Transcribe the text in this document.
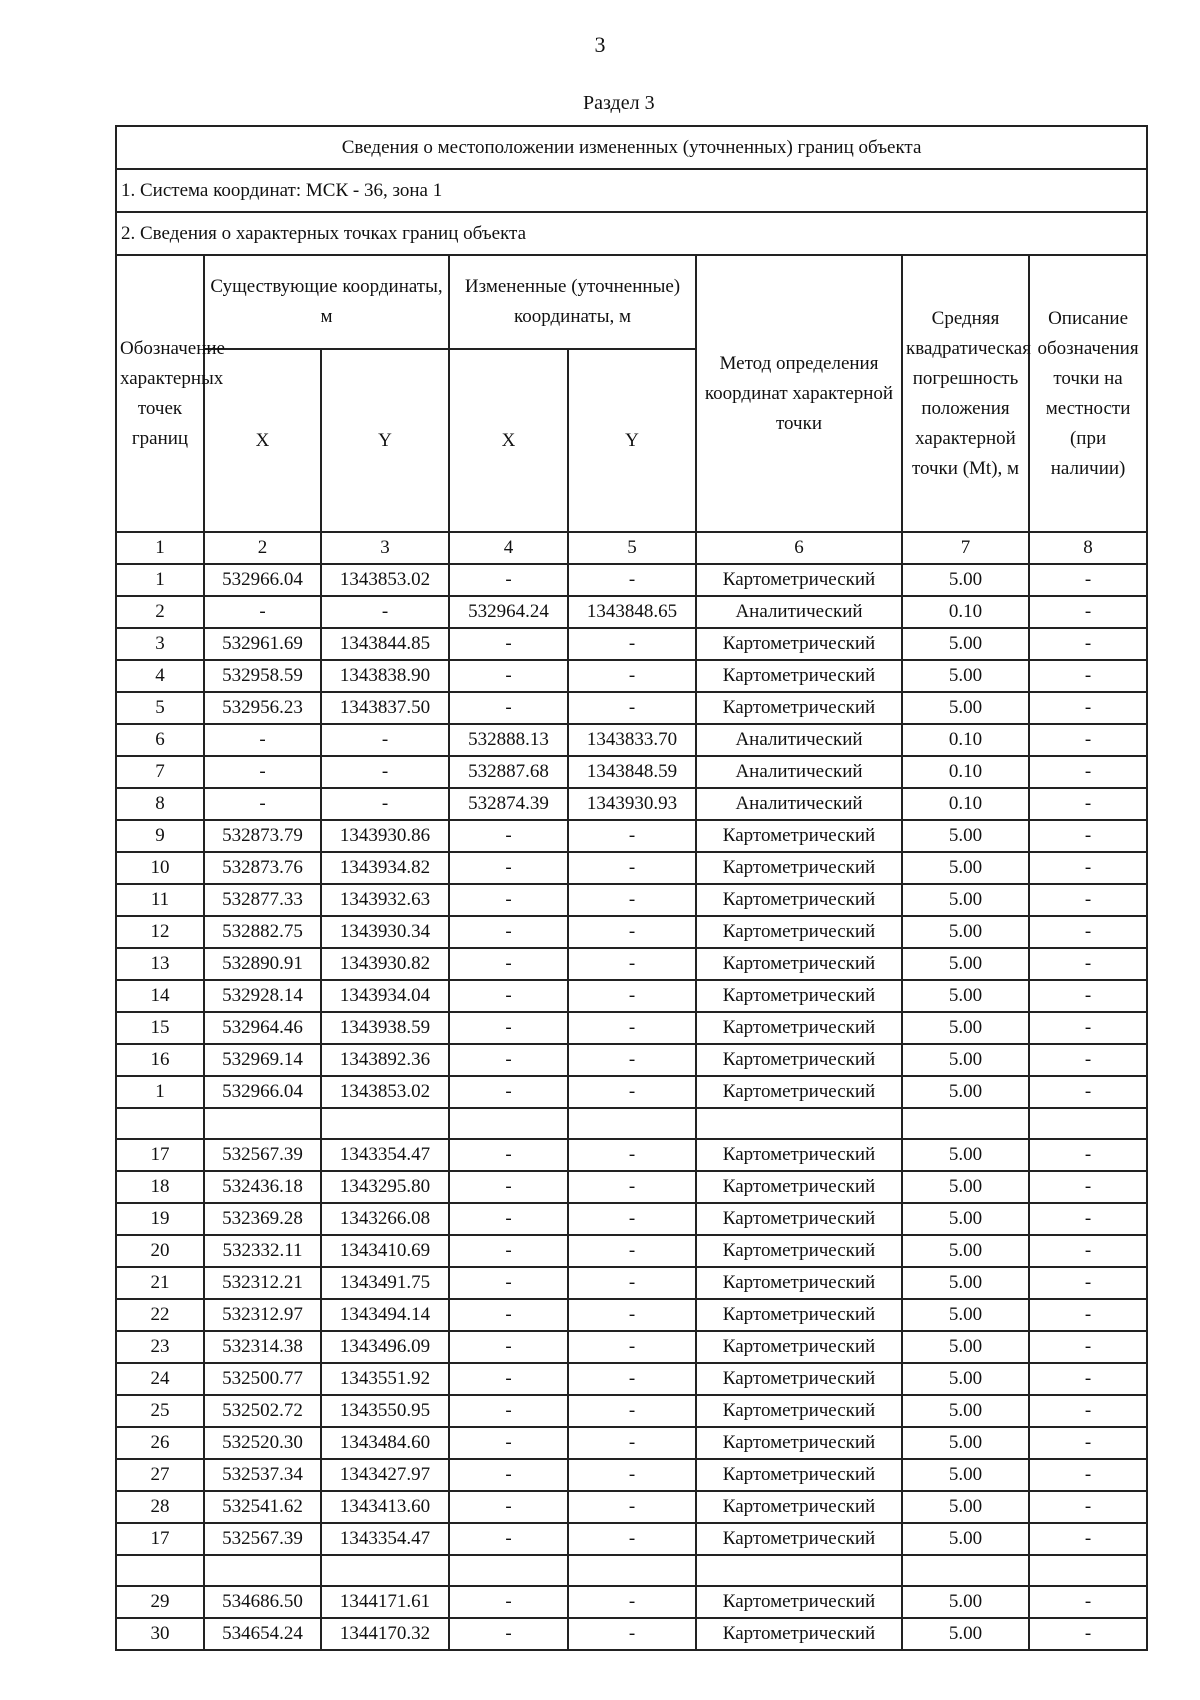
3
Раздел 3
Сведения о местоположении измененных (уточненных) границ объекта							
1. Система координат: МСК - 36, зона 1							
2. Сведения о характерных точках границ объекта							
Обозначение характерных точек границ	Существующие координаты, м		Измененные (уточненные) координаты, м		Метод определения координат характерной точки	Средняя квадратическая погрешность положения характерной точки (Mt), м	Описание обозначения точки на местности (при наличии)
	X	Y	X	Y			
1	2	3	4	5	6	7	8
1	532966.04	1343853.02	-	-	Картометрический	5.00	-
2	-	-	532964.24	1343848.65	Аналитический	0.10	-
3	532961.69	1343844.85	-	-	Картометрический	5.00	-
4	532958.59	1343838.90	-	-	Картометрический	5.00	-
5	532956.23	1343837.50	-	-	Картометрический	5.00	-
6	-	-	532888.13	1343833.70	Аналитический	0.10	-
7	-	-	532887.68	1343848.59	Аналитический	0.10	-
8	-	-	532874.39	1343930.93	Аналитический	0.10	-
9	532873.79	1343930.86	-	-	Картометрический	5.00	-
10	532873.76	1343934.82	-	-	Картометрический	5.00	-
11	532877.33	1343932.63	-	-	Картометрический	5.00	-
12	532882.75	1343930.34	-	-	Картометрический	5.00	-
13	532890.91	1343930.82	-	-	Картометрический	5.00	-
14	532928.14	1343934.04	-	-	Картометрический	5.00	-
15	532964.46	1343938.59	-	-	Картометрический	5.00	-
16	532969.14	1343892.36	-	-	Картометрический	5.00	-
1	532966.04	1343853.02	-	-	Картометрический	5.00	-

17	532567.39	1343354.47	-	-	Картометрический	5.00	-
18	532436.18	1343295.80	-	-	Картометрический	5.00	-
19	532369.28	1343266.08	-	-	Картометрический	5.00	-
20	532332.11	1343410.69	-	-	Картометрический	5.00	-
21	532312.21	1343491.75	-	-	Картометрический	5.00	-
22	532312.97	1343494.14	-	-	Картометрический	5.00	-
23	532314.38	1343496.09	-	-	Картометрический	5.00	-
24	532500.77	1343551.92	-	-	Картометрический	5.00	-
25	532502.72	1343550.95	-	-	Картометрический	5.00	-
26	532520.30	1343484.60	-	-	Картометрический	5.00	-
27	532537.34	1343427.97	-	-	Картометрический	5.00	-
28	532541.62	1343413.60	-	-	Картометрический	5.00	-
17	532567.39	1343354.47	-	-	Картометрический	5.00	-

29	534686.50	1344171.61	-	-	Картометрический	5.00	-
30	534654.24	1344170.32	-	-	Картометрический	5.00	-
